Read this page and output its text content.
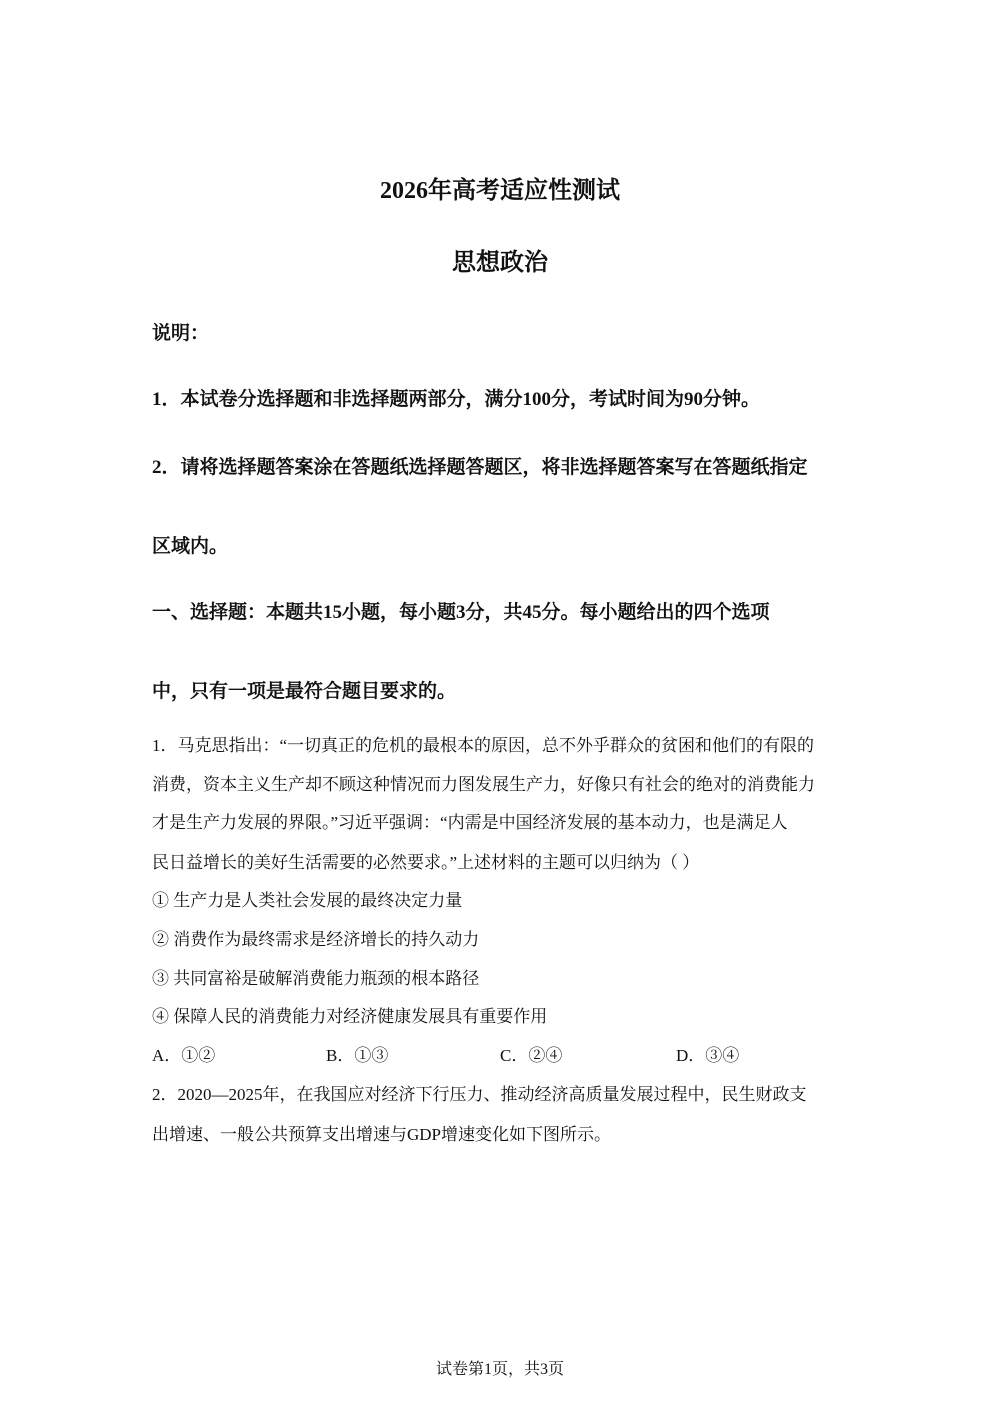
2026年高考适应性测试
思想政治
说明：
1．本试卷分选择题和非选择题两部分，满分100分，考试时间为90分钟。
2．请将选择题答案涂在答题纸选择题答题区，将非选择题答案写在答题纸指定
区域内。
一、选择题：本题共15小题，每小题3分，共45分。每小题给出的四个选项
中，只有一项是最符合题目要求的。
1．马克思指出：“一切真正的危机的最根本的原因，总不外乎群众的贫困和他们的有限的
消费，资本主义生产却不顾这种情况而力图发展生产力，好像只有社会的绝对的消费能力
才是生产力发展的界限。”习近平强调：“内需是中国经济发展的基本动力，也是满足人
民日益增长的美好生活需要的必然要求。”上述材料的主题可以归纳为（ ）
① 生产力是人类社会发展的最终决定力量
② 消费作为最终需求是经济增长的持久动力
③ 共同富裕是破解消费能力瓶颈的根本路径
④ 保障人民的消费能力对经济健康发展具有重要作用
A．①②	B．①③	C．②④	D．③④
2．2020—2025年，在我国应对经济下行压力、推动经济高质量发展过程中，民生财政支
出增速、一般公共预算支出增速与GDP增速变化如下图所示。
试卷第1页，共3页
